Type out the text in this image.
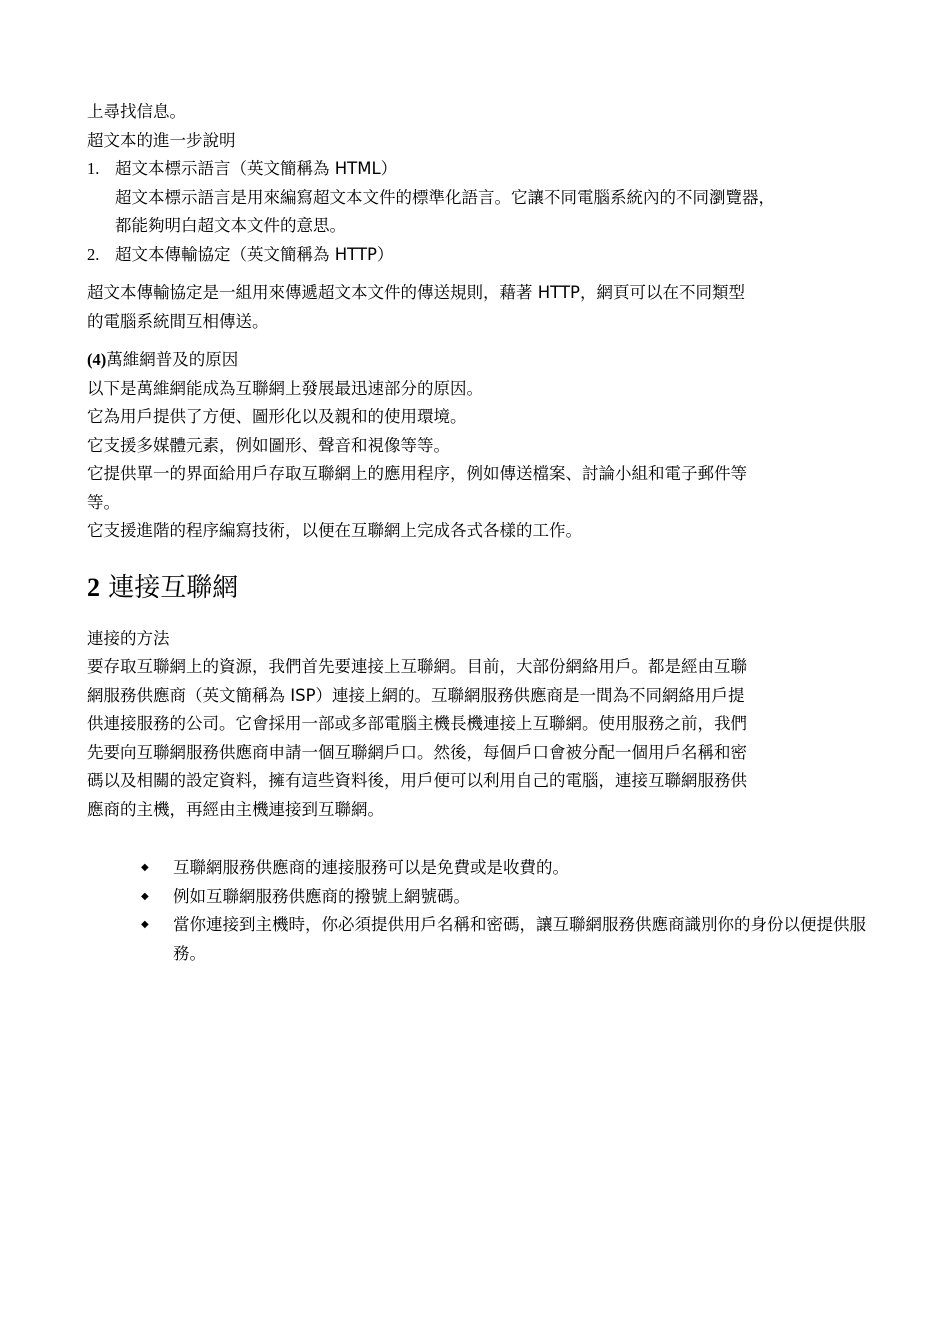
上尋找信息。
超文本的進一步說明
1. 超文本標示語言（英文簡稱為 HTML）
超文本標示語言是用來編寫超文本文件的標準化語言。它讓不同電腦系統內的不同瀏覽器，
都能夠明白超文本文件的意思。
2. 超文本傳輸協定（英文簡稱為 HTTP）
超文本傳輸協定是一組用來傳遞超文本文件的傳送規則，藉著 HTTP，網頁可以在不同類型
的電腦系統間互相傳送。
(4)萬維網普及的原因
以下是萬維網能成為互聯網上發展最迅速部分的原因。
它為用戶提供了方便、圖形化以及親和的使用環境。
它支援多媒體元素，例如圖形、聲音和視像等等。
它提供單一的界面給用戶存取互聯網上的應用程序，例如傳送檔案、討論小組和電子郵件等
等。
它支援進階的程序編寫技術，以便在互聯網上完成各式各樣的工作。
2 連接互聯網
連接的方法
要存取互聯網上的資源，我們首先要連接上互聯網。目前，大部份網絡用戶。都是經由互聯
網服務供應商（英文簡稱為 ISP）連接上網的。互聯網服務供應商是一間為不同網絡用戶提
供連接服務的公司。它會採用一部或多部電腦主機長機連接上互聯網。使用服務之前，我們
先要向互聯網服務供應商申請一個互聯網戶口。然後，每個戶口會被分配一個用戶名稱和密
碼以及相關的設定資料，擁有這些資料後，用戶便可以利用自己的電腦，連接互聯網服務供
應商的主機，再經由主機連接到互聯網。
◆	互聯網服務供應商的連接服務可以是免費或是收費的。
◆	例如互聯網服務供應商的撥號上網號碼。
◆	當你連接到主機時，你必須提供用戶名稱和密碼，讓互聯網服務供應商識別你的身份以便提供服務。
